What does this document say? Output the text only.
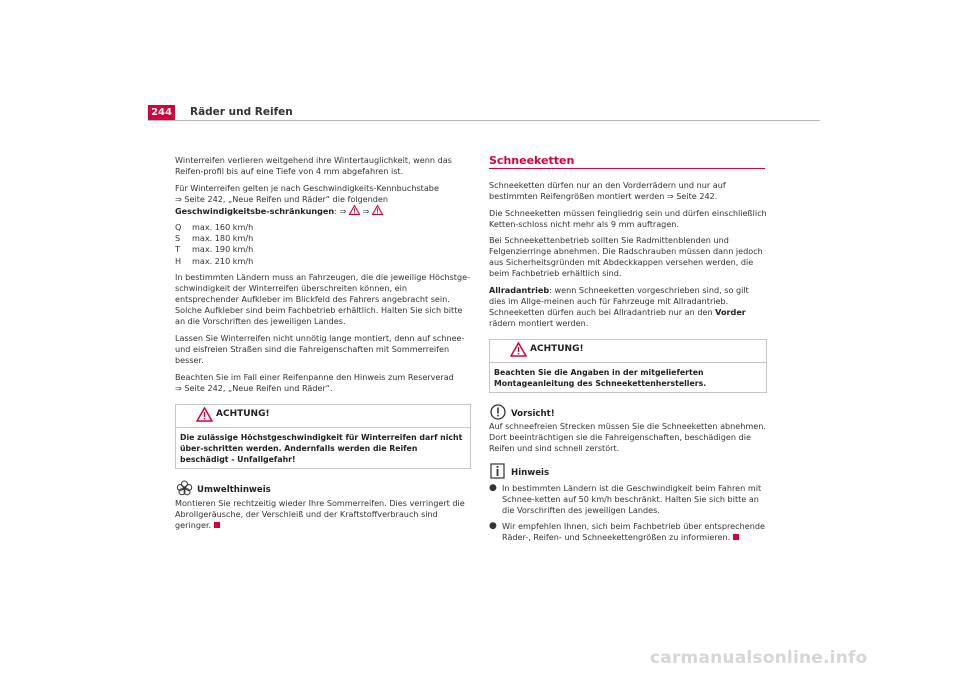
244 Räder und Reifen

Winterreifen verlieren weitgehend ihre Wintertauglichkeit, wenn das Reifen-profil bis auf eine Tiefe von 4 mm abgefahren ist.

Für Winterreifen gelten je nach Geschwindigkeits-Kennbuchstabe
⇒ Seite 242, „Neue Reifen und Räder“ die folgenden Geschwindigkeitsbe-schränkungen: ⇒ ⇒

Q	max. 160 km/h
S	max. 180 km/h
T	max. 190 km/h
H	max. 210 km/h

In bestimmten Ländern muss an Fahrzeugen, die die jeweilige Höchstge-schwindigkeit der Winterreifen überschreiten können, ein entsprechender Aufkleber im Blickfeld des Fahrers angebracht sein. Solche Aufkleber sind beim Fachbetrieb erhältlich. Halten Sie sich bitte an die Vorschriften des jeweiligen Landes.

Lassen Sie Winterreifen nicht unnötig lange montiert, denn auf schnee- und eisfreien Straßen sind die Fahreigenschaften mit Sommerreifen besser.

Beachten Sie im Fall einer Reifenpanne den Hinweis zum Reserverad
⇒ Seite 242, „Neue Reifen und Räder“.

ACHTUNG!
Die zulässige Höchstgeschwindigkeit für Winterreifen darf nicht über-schritten werden. Andernfalls werden die Reifen beschädigt - Unfallgefahr!
Umwelthinweis

Montieren Sie rechtzeitig wieder Ihre Sommerreifen. Dies verringert die Abrollgeräusche, der Verschleiß und der Kraftstoffverbrauch sind geringer.

Schneeketten

Schneeketten dürfen nur an den Vorderrädern und nur auf bestimmten Reifengrößen montiert werden ⇒ Seite 242.

Die Schneeketten müssen feingliedrig sein und dürfen einschließlich Ketten-schloss nicht mehr als 9 mm auftragen.

Bei Schneekettenbetrieb sollten Sie Radmittenblenden und Felgenzierringe abnehmen. Die Radschrauben müssen dann jedoch aus Sicherheitsgründen mit Abdeckkappen versehen werden, die beim Fachbetrieb erhältlich sind.

Allradantrieb: wenn Schneeketten vorgeschrieben sind, so gilt dies im Allge-meinen auch für Fahrzeuge mit Allradantrieb. Schneeketten dürfen auch bei Allradantrieb nur an den Vorder rädern montiert werden.

ACHTUNG!
Beachten Sie die Angaben in der mitgelieferten Montageanleitung des Schneekettenherstellers.
Vorsicht!

Auf schneefreien Strecken müssen Sie die Schneeketten abnehmen. Dort beeinträchtigen sie die Fahreigenschaften, beschädigen die Reifen und sind schnell zerstört.

Hinweis
● In bestimmten Ländern ist die Geschwindigkeit beim Fahren mit Schnee-ketten auf 50 km/h beschränkt. Halten Sie sich bitte an die Vorschriften des jeweiligen Landes.
● Wir empfehlen Ihnen, sich beim Fachbetrieb über entsprechende Räder-, Reifen- und Schneekettengrößen zu informieren.
carmanualsonline.info
